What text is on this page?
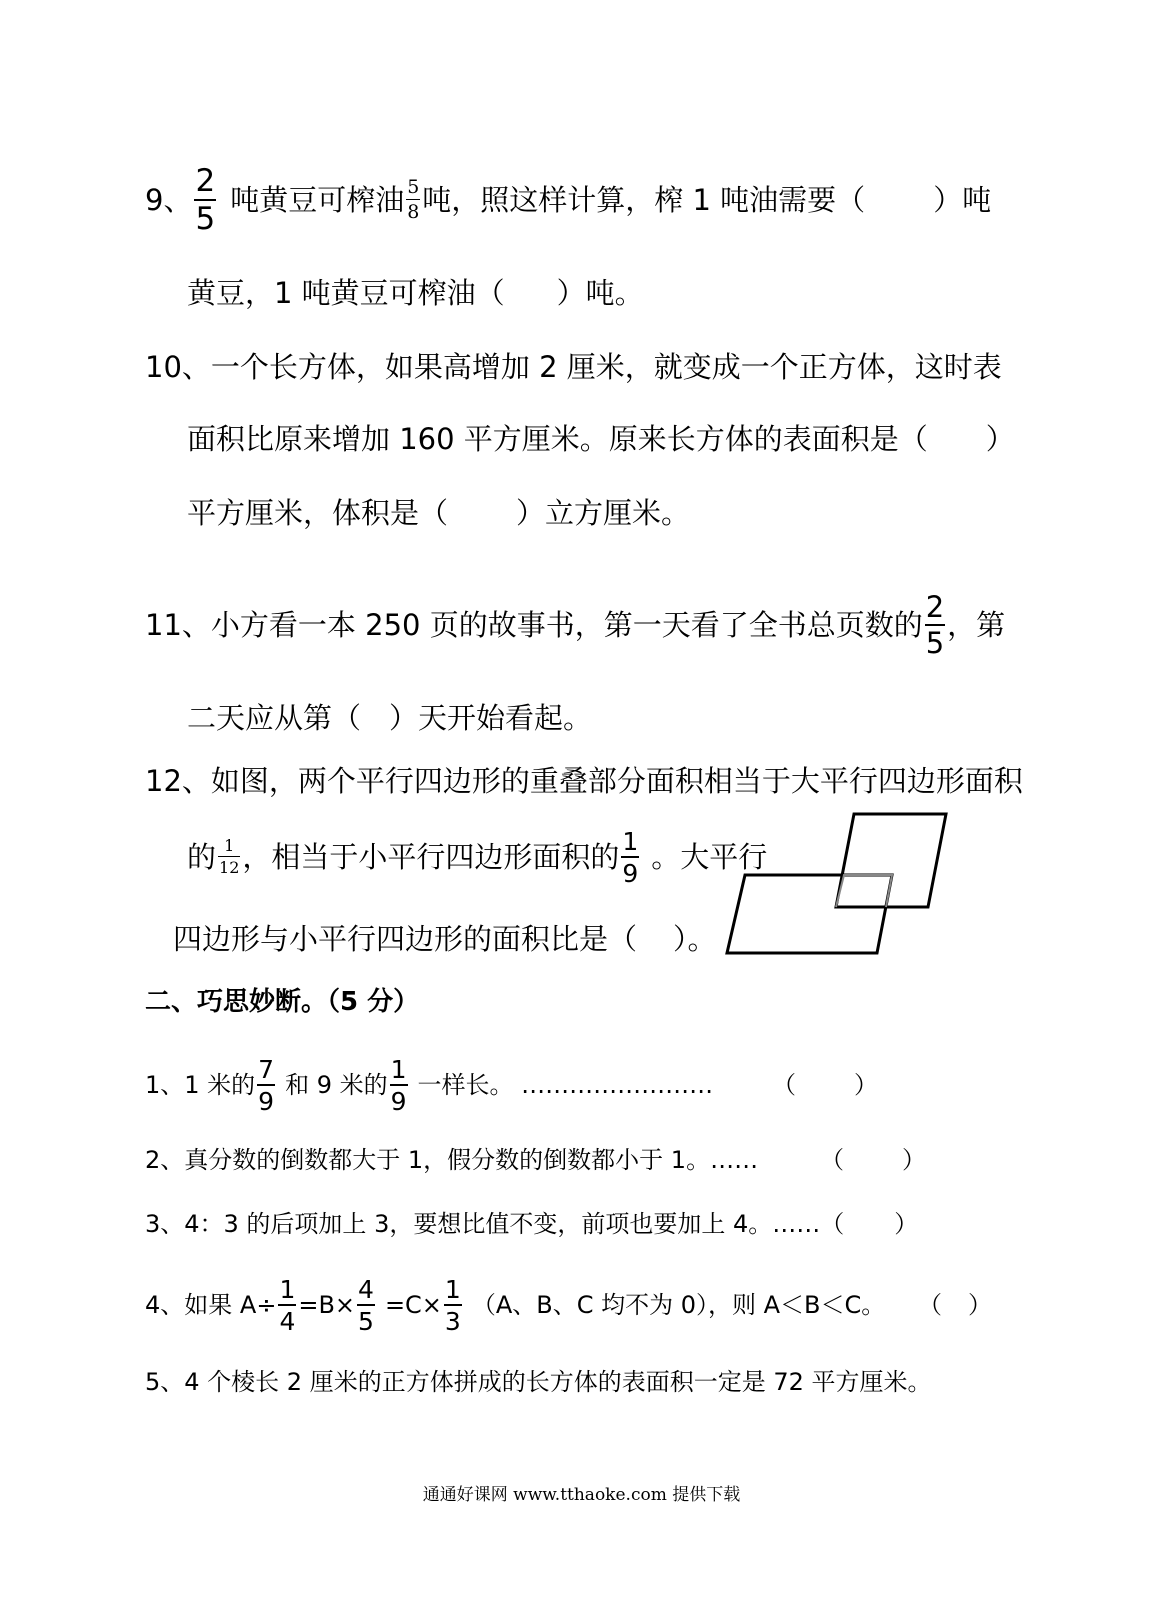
9、 $\frac{2}{5}$ 吨黄豆可榨油 $\frac{5}{8}$ 吨，照这样计算，榨 1 吨油需要（ ）吨
黄豆，1 吨黄豆可榨油（ ）吨。
10、一个长方体，如果高增加 2 厘米，就变成一个正方体，这时表
面积比原来增加 160 平方厘米。原来长方体的表面积是（ ）
平方厘米，体积是（ ）立方厘米。
11、小方看一本 250 页的故事书，第一天看了全书总页数的 $\frac{2}{5}$ ，第
二天应从第（ ）天开始看起。
12、如图，两个平行四边形的重叠部分面积相当于大平行四边形面积
的 $\frac{1}{12}$ ，相当于小平行四边形面积的 $\frac{1}{9}$ 。大平行
四边形与小平行四边形的面积比是（ ）。
二、巧思妙断。（5 分）
1、1 米的 $\frac{7}{9}$ 和 9 米的 $\frac{1}{9}$ 一样长。 …………………… （ ）
2、真分数的倒数都大于 1，假分数的倒数都小于 1。……	（ ）
3、4：3 的后项加上 3，要想比值不变，前项也要加上 4。……（ ）
4、如果 $A\div \frac{1}{4} =B\times \frac{4}{5} =C\times \frac{1}{3} (A$、B、C 均不为 0），则 A＜B＜C。 （ ）
5、4 个棱长 2 厘米的正方体拼成的长方体的表面积一定是 72 平方厘米。
通通好课网 www.tthaoke.com 提供下载
